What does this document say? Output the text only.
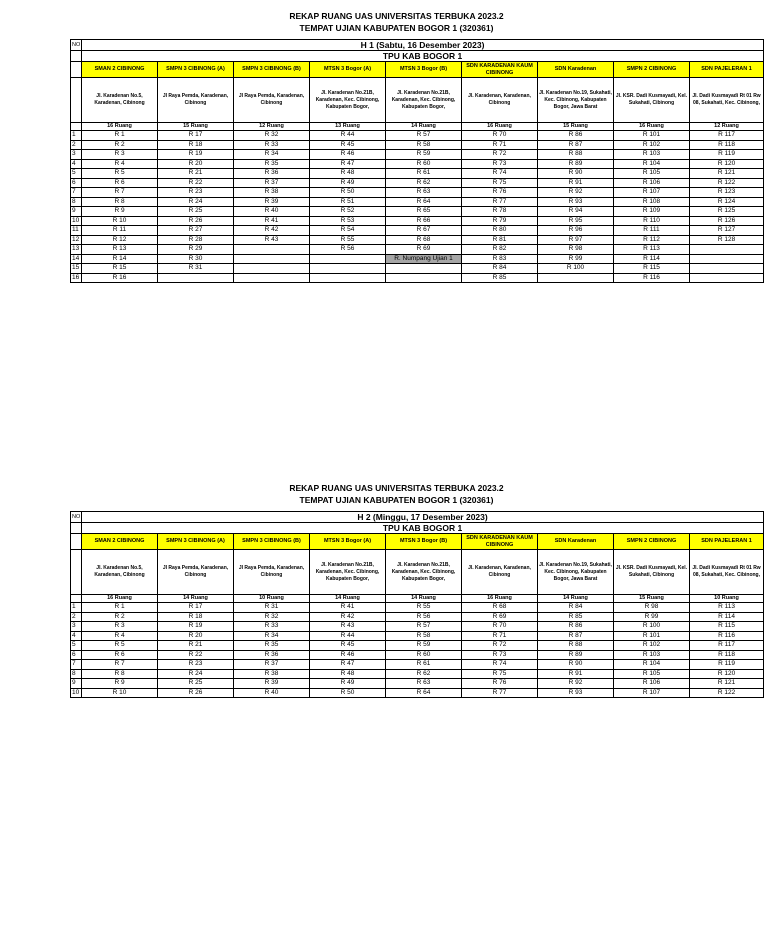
REKAP RUANG UAS UNIVERSITAS TERBUKA 2023.2
TEMPAT UJIAN KABUPATEN BOGOR 1 (320361)
NO	H 1 (Sabtu, 16 Desember 2023)								
	TPU KAB BOGOR 1								
	SMAN 2 CIBINONG	SMPN 3 CIBINONG (A)	SMPN 3 CIBINONG (B)	MTSN 3 Bogor (A)	MTSN 3 Bogor (B)	SDN KARADENAN KAUM CIBINONG	SDN Karadenan	SMPN 2 CIBINONG	SDN PAJELERAN 1
	Jl. Karadenan No.5, Karadenan, Cibinong	Jl Raya Pemda, Karadenan, Cibinong	Jl Raya Pemda, Karadenan, Cibinong	Jl. Karadenan No.21B, Karadenan, Kec. Cibinong, Kabupaten Bogor,	Jl. Karadenan No.21B, Karadenan, Kec. Cibinong, Kabupaten Bogor,	Jl. Karadenan, Karadenan, Cibinong	Jl. Karadenan No.19, Sukahati, Kec. Cibinong, Kabupaten Bogor, Jawa Barat	Jl. KSR. Dadi Kusmayadi, Kel. Sukahati, Cibinong	Jl. Dadi Kusmayadi Rt 01 Rw 08, Sukahati, Kec. Cibinong,
	16 Ruang	15 Ruang	12 Ruang	13 Ruang	14 Ruang	16 Ruang	15 Ruang	16 Ruang	12 Ruang
1	R 1	R 17	R 32	R 44	R 57	R 70	R 86	R 101	R 117
2	R 2	R 18	R 33	R 45	R 58	R 71	R 87	R 102	R 118
3	R 3	R 19	R 34	R 46	R 59	R 72	R 88	R 103	R 119
4	R 4	R 20	R 35	R 47	R 60	R 73	R 89	R 104	R 120
5	R 5	R 21	R 36	R 48	R 61	R 74	R 90	R 105	R 121
6	R 6	R 22	R 37	R 49	R 62	R 75	R 91	R 106	R 122
7	R 7	R 23	R 38	R 50	R 63	R 76	R 92	R 107	R 123
8	R 8	R 24	R 39	R 51	R 64	R 77	R 93	R 108	R 124
9	R 9	R 25	R 40	R 52	R 65	R 78	R 94	R 109	R 125
10	R 10	R 26	R 41	R 53	R 66	R 79	R 95	R 110	R 126
11	R 11	R 27	R 42	R 54	R 67	R 80	R 96	R 111	R 127
12	R 12	R 28	R 43	R 55	R 68	R 81	R 97	R 112	R 128
13	R 13	R 29		R 56	R 69	R 82	R 98	R 113	
14	R 14	R 30			R. Numpang Ujian 1	R 83	R 99	R 114	
15	R 15	R 31				R 84	R 100	R 115	
16	R 16					R 85		R 116	
REKAP RUANG UAS UNIVERSITAS TERBUKA 2023.2
TEMPAT UJIAN KABUPATEN BOGOR 1 (320361)
NO	H 2 (Minggu, 17 Desember 2023)								
	TPU KAB BOGOR 1								
	SMAN 2 CIBINONG	SMPN 3 CIBINONG (A)	SMPN 3 CIBINONG (B)	MTSN 3 Bogor (A)	MTSN 3 Bogor (B)	SDN KARADENAN KAUM CIBINONG	SDN Karadenan	SMPN 2 CIBINONG	SDN PAJELERAN 1
	Jl. Karadenan No.5, Karadenan, Cibinong	Jl Raya Pemda, Karadenan, Cibinong	Jl Raya Pemda, Karadenan, Cibinong	Jl. Karadenan No.21B, Karadenan, Kec. Cibinong, Kabupaten Bogor,	Jl. Karadenan No.21B, Karadenan, Kec. Cibinong, Kabupaten Bogor,	Jl. Karadenan, Karadenan, Cibinong	Jl. Karadenan No.19, Sukahati, Kec. Cibinong, Kabupaten Bogor, Jawa Barat	Jl. KSR. Dadi Kusmayadi, Kel. Sukahati, Cibinong	Jl. Dadi Kusmayadi Rt 01 Rw 08, Sukahati, Kec. Cibinong,
	16 Ruang	14 Ruang	10 Ruang	14 Ruang	14 Ruang	16 Ruang	14 Ruang	15 Ruang	10 Ruang
1	R 1	R 17	R 31	R 41	R 55	R 68	R 84	R 98	R 113
2	R 2	R 18	R 32	R 42	R 56	R 69	R 85	R 99	R 114
3	R 3	R 19	R 33	R 43	R 57	R 70	R 86	R 100	R 115
4	R 4	R 20	R 34	R 44	R 58	R 71	R 87	R 101	R 116
5	R 5	R 21	R 35	R 45	R 59	R 72	R 88	R 102	R 117
6	R 6	R 22	R 36	R 46	R 60	R 73	R 89	R 103	R 118
7	R 7	R 23	R 37	R 47	R 61	R 74	R 90	R 104	R 119
8	R 8	R 24	R 38	R 48	R 62	R 75	R 91	R 105	R 120
9	R 9	R 25	R 39	R 49	R 63	R 76	R 92	R 106	R 121
10	R 10	R 26	R 40	R 50	R 64	R 77	R 93	R 107	R 122
